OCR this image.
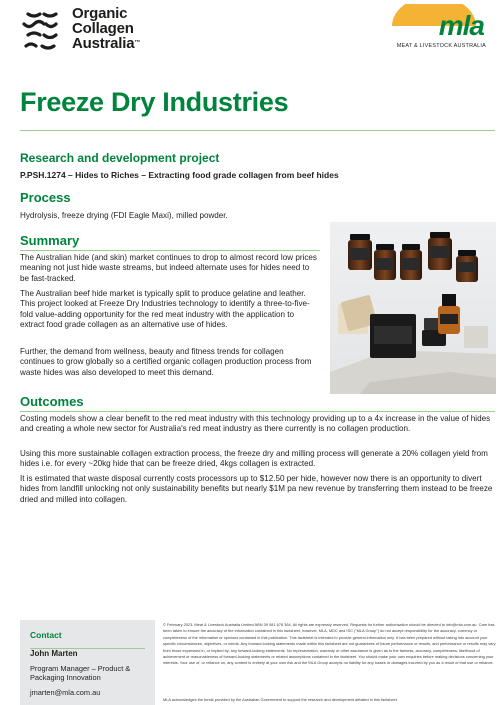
Organic
Collagen
Australia™
mla
MEAT & LIVESTOCK AUSTRALIA
Freeze Dry Industries
Research and development project
P.PSH.1274 – Hides to Riches – Extracting food grade collagen from beef hides
Process

Hydrolysis, freeze drying (FDI Eagle Maxi), milled powder.

Summary

The Australian hide (and skin) market continues to drop to almost record low prices meaning not just hide waste streams, but indeed alternate uses for hides need to be fast-tracked.

The Australian beef hide market is typically split to produce gelatine and leather. This project looked at Freeze Dry Industries technology to identify a three-to-five-fold value-adding opportunity for the red meat industry with the application to extract food grade collagen as an alternative use of hides.

Further, the demand from wellness, beauty and fitness trends for collagen continues to grow globally so a certified organic collagen production process from waste hides was also developed to meet this demand.

Outcomes

Costing models show a clear benefit to the red meat industry with this technology providing up to a 4x increase in the value of hides and creating a whole new sector for Australia's red meat industry as there currently is no collagen production.

Using this more sustainable collagen extraction process, the freeze dry and milling process will generate a 20% collagen yield from hides i.e. for every ~20kg hide that can be freeze dried, 4kgs collagen is extracted.

It is estimated that waste disposal currently costs processors up to $12.50 per hide, however now there is an opportunity to divert hides from landfill unlocking not only sustainability benefits but nearly $1M pa new revenue by transferring them instead to be freeze dried and milled into collagen.

Contact
John Marten
Program Manager – Product & Packaging Innovation
jmarten@mla.com.au

© February 2023. Meat & Livestock Australia Limited ABN 39 081 678 364. All rights are expressly reserved. Requests for further authorisation should be directed to info@mla.com.au. Care has been taken to ensure the accuracy of the information contained in this factsheet, however, MLA, MDC and ISC ("MLA Group") do not accept responsibility for the accuracy, currency or completeness of the information or opinions contained in this publication. This factsheet is intended to provide general information only. It has been prepared without taking into account your specific circumstances, objectives, or needs. Any forward-looking statements made within this factsheet are not guarantees of future performance or results, and performance or results may vary from those expressed in, or implied by, any forward-looking statements. No representation, warranty or other assurance is given as to the fairness, accuracy, completeness, likelihood of achievement or reasonableness of forward-looking statements or related assumptions contained in the factsheet. You should make your own enquiries before making decisions concerning your interests. Your use of, or reliance on, any content is entirely at your own risk and the MLA Group accepts no liability for any losses or damages incurred by you as a result of that use or reliance.

MLA acknowledges the funds provided by the Australian Government to support the research and development detailed in this factsheet.
